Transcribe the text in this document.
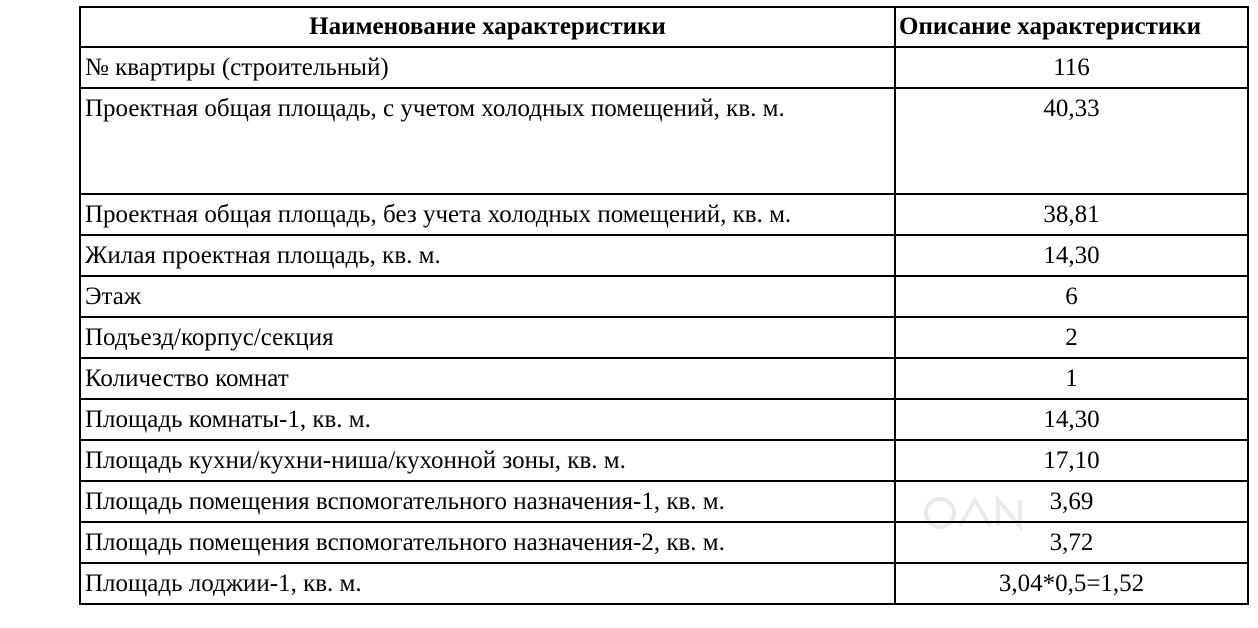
Наименование характеристики	Описание характеристики
№ квартиры (строительный)	116
Проектная общая площадь, с учетом холодных помещений, кв. м.	40,33
Проектная общая площадь, без учета холодных помещений, кв. м.	38,81
Жилая проектная площадь, кв. м.	14,30
Этаж	6
Подъезд/корпус/секция	2
Количество комнат	1
Площадь комнаты-1, кв. м.	14,30
Площадь кухни/кухни-ниша/кухонной зоны, кв. м.	17,10
Площадь помещения вспомогательного назначения-1, кв. м.	3,69
Площадь помещения вспомогательного назначения-2, кв. м.	3,72
Площадь лоджии-1, кв. м.	3,04*0,5=1,52
